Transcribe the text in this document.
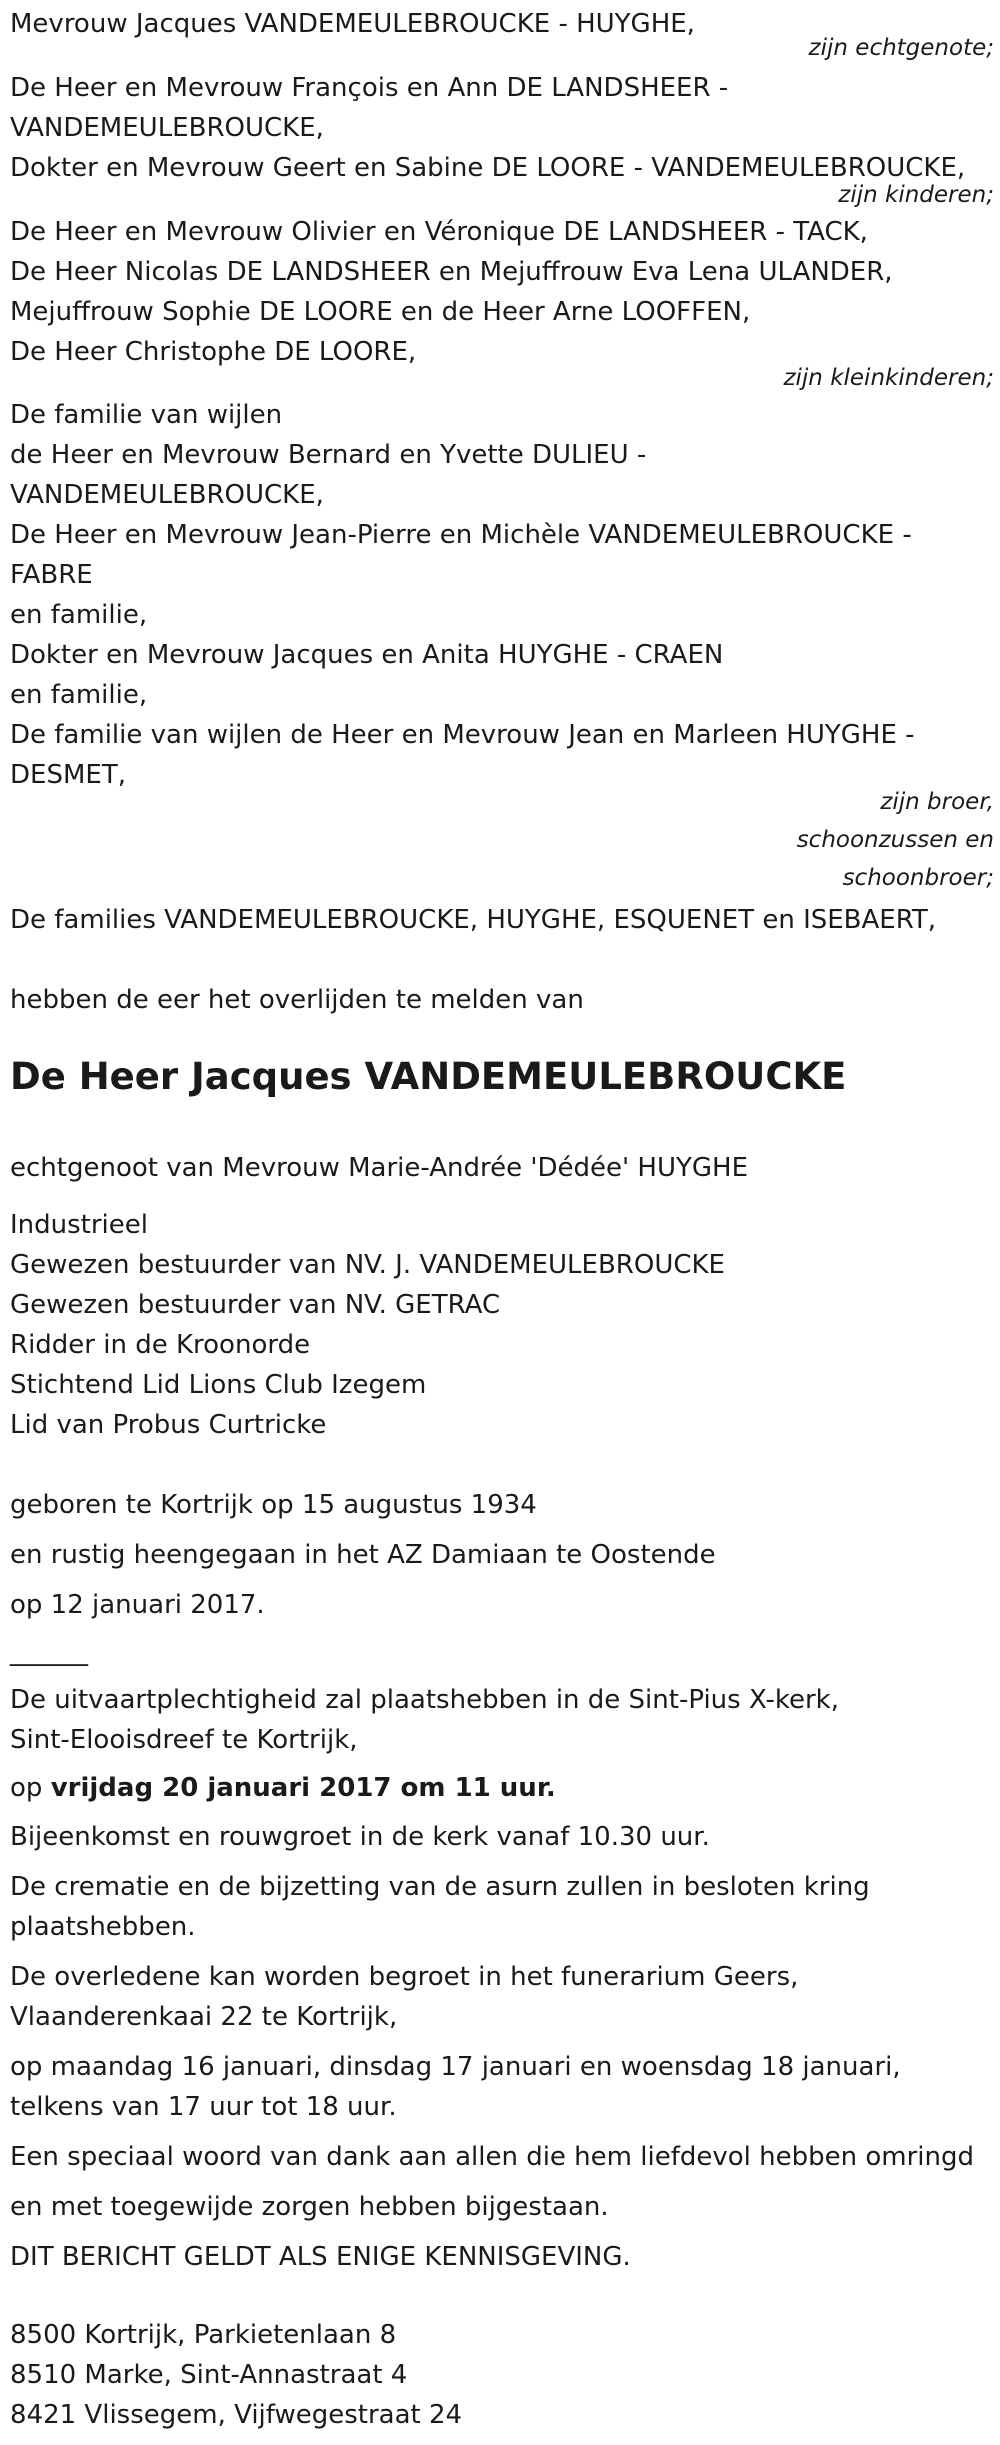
Mevrouw Jacques VANDEMEULEBROUCKE - HUYGHE,
zijn echtgenote;
De Heer en Mevrouw François en Ann DE LANDSHEER -
VANDEMEULEBROUCKE,
Dokter en Mevrouw Geert en Sabine DE LOORE - VANDEMEULEBROUCKE,
zijn kinderen;
De Heer en Mevrouw Olivier en Véronique DE LANDSHEER - TACK,
De Heer Nicolas DE LANDSHEER en Mejuffrouw Eva Lena ULANDER,
Mejuffrouw Sophie DE LOORE en de Heer Arne LOOFFEN,
De Heer Christophe DE LOORE,
zijn kleinkinderen;
De familie van wijlen
de Heer en Mevrouw Bernard en Yvette DULIEU -
VANDEMEULEBROUCKE,
De Heer en Mevrouw Jean-Pierre en Michèle VANDEMEULEBROUCKE -
FABRE
en familie,
Dokter en Mevrouw Jacques en Anita HUYGHE - CRAEN
en familie,
De familie van wijlen de Heer en Mevrouw Jean en Marleen HUYGHE -
DESMET,
zijn broer,
schoonzussen en
schoonbroer;
De families VANDEMEULEBROUCKE, HUYGHE, ESQUENET en ISEBAERT,
hebben de eer het overlijden te melden van
De Heer Jacques VANDEMEULEBROUCKE
echtgenoot van Mevrouw Marie-Andrée 'Dédée' HUYGHE
Industrieel
Gewezen bestuurder van NV. J. VANDEMEULEBROUCKE
Gewezen bestuurder van NV. GETRAC
Ridder in de Kroonorde
Stichtend Lid Lions Club Izegem
Lid van Probus Curtricke
geboren te Kortrijk op 15 augustus 1934
en rustig heengegaan in het AZ Damiaan te Oostende
op 12 januari 2017.
______
De uitvaartplechtigheid zal plaatshebben in de Sint-Pius X-kerk,
Sint-Elooisdreef te Kortrijk,
op vrijdag 20 januari 2017 om 11 uur.
Bijeenkomst en rouwgroet in de kerk vanaf 10.30 uur.
De crematie en de bijzetting van de asurn zullen in besloten kring
plaatshebben.
De overledene kan worden begroet in het funerarium Geers,
Vlaanderenkaai 22 te Kortrijk,
op maandag 16 januari, dinsdag 17 januari en woensdag 18 januari,
telkens van 17 uur tot 18 uur.
Een speciaal woord van dank aan allen die hem liefdevol hebben omringd
en met toegewijde zorgen hebben bijgestaan.
DIT BERICHT GELDT ALS ENIGE KENNISGEVING.
8500 Kortrijk, Parkietenlaan 8
8510 Marke, Sint-Annastraat 4
8421 Vlissegem, Vijfwegestraat 24
